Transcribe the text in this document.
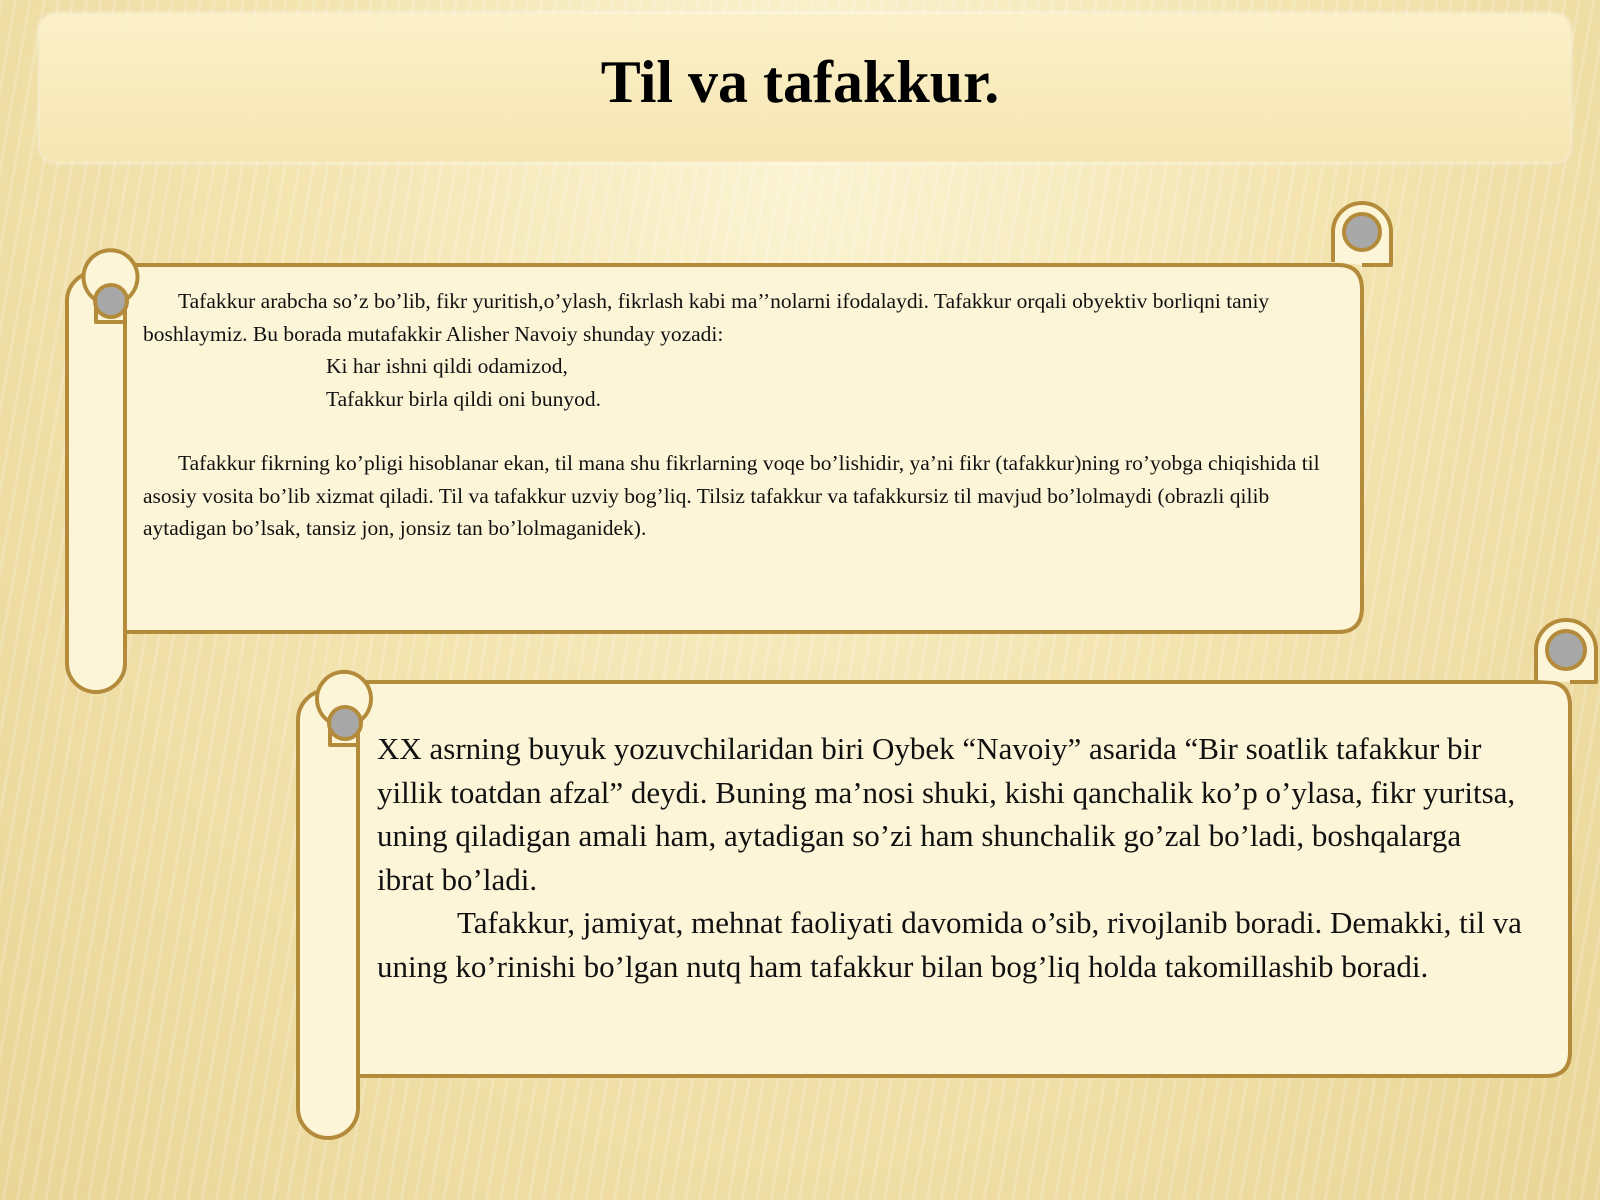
Til va tafakkur.

Tafakkur arabcha so’z bo’lib, fikr yuritish,o’ylash, fikrlash kabi ma’’nolarni ifodalaydi. Tafakkur orqali obyektiv borliqni taniy boshlaymiz. Bu borada mutafakkir Alisher Navoiy shunday yozadi:

Ki har ishni qildi odamizod,

Tafakkur birla qildi oni bunyod.

Tafakkur fikrning ko’pligi hisoblanar ekan, til mana shu fikrlarning voqe bo’lishidir, ya’ni fikr (tafakkur)ning ro’yobga chiqishida til asosiy vosita bo’lib xizmat qiladi. Til va tafakkur uzviy bog’liq. Tilsiz tafakkur va tafakkursiz til mavjud bo’lolmaydi (obrazli qilib aytadigan bo’lsak, tansiz jon, jonsiz tan bo’lolmaganidek).

XX asrning buyuk yozuvchilaridan biri Oybek “Navoiy” asarida “Bir soatlik tafakkur bir yillik toatdan afzal” deydi. Buning ma’nosi shuki, kishi qanchalik ko’p o’ylasa, fikr yuritsa, uning qiladigan amali ham, aytadigan so’zi ham shunchalik go’zal bo’ladi, boshqalarga ibrat bo’ladi.

Tafakkur, jamiyat, mehnat faoliyati davomida o’sib, rivojlanib boradi. Demakki, til va uning ko’rinishi bo’lgan nutq ham tafakkur bilan bog’liq holda takomillashib boradi.
